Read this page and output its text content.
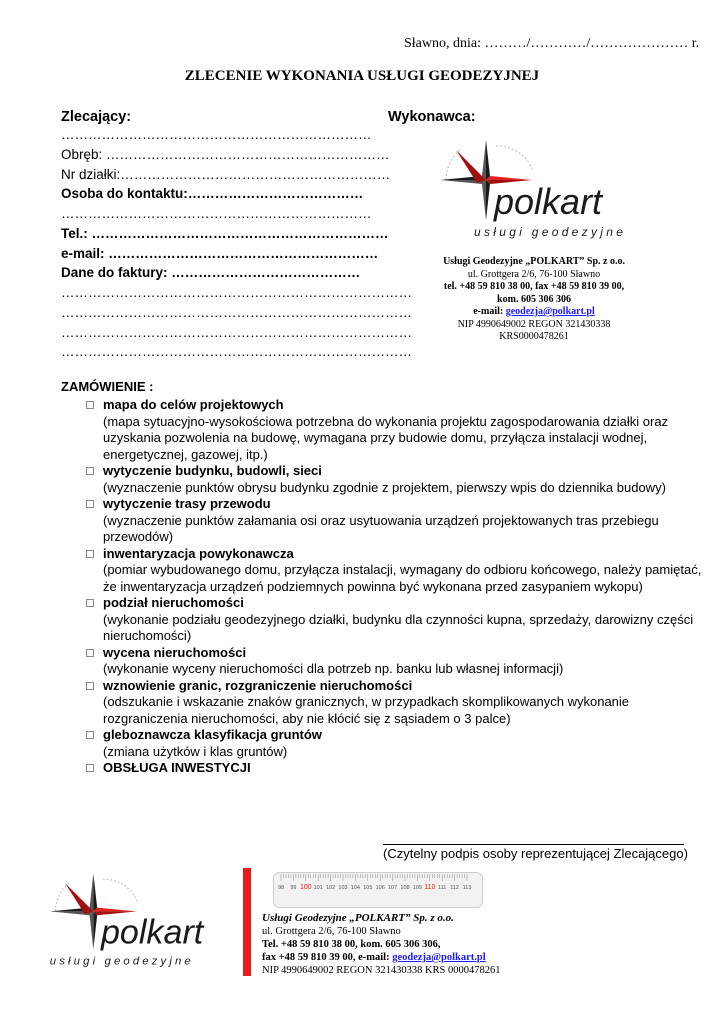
Sławno, dnia: ………/…………/………………… r.
ZLECENIE WYKONANIA USŁUGI GEODEZYJNEJ
Zlecający:
……………………………………………………………
Obręb: ………………………………………………………
Nr działki:……………………………………………………
Osoba do kontaktu:…………………………………
……………………………………………………………
Tel.: …………………………………………………………
e-mail: ……………………………………………………
Dane do faktury: ……………………………………
……………………………………………………………………
……………………………………………………………………
……………………………………………………………………
……………………………………………………………………
Wykonawca:
polkart
usługi geodezyjne
Usługi Geodezyjne „POLKART” Sp. z o.o.
ul. Grottgera 2/6, 76-100 Sławno
tel. +48 59 810 38 00, fax +48 59 810 39 00,
kom. 605 306 306
e-mail: geodezja@polkart.pl
NIP 4990649002 REGON 321430338
KRS0000478261
ZAMÓWIENIE :
mapa do celów projektowych
(mapa sytuacyjno-wysokościowa potrzebna do wykonania projektu zagospodarowania działki oraz uzyskania pozwolenia na budowę, wymagana przy budowie domu, przyłącza instalacji wodnej, energetycznej, gazowej, itp.)
wytyczenie budynku, budowli, sieci
(wyznaczenie punktów obrysu budynku zgodnie z projektem, pierwszy wpis do dziennika budowy)
wytyczenie trasy przewodu
(wyznaczenie punktów załamania osi oraz usytuowania urządzeń projektowanych tras przebiegu przewodów)
inwentaryzacja powykonawcza
(pomiar wybudowanego domu, przyłącza instalacji, wymagany do odbioru końcowego, należy pamiętać, że inwentaryzacja urządzeń podziemnych powinna być wykonana przed zasypaniem wykopu)
podział nieruchomości
(wykonanie podziału geodezyjnego działki, budynku dla czynności kupna, sprzedaży, darowizny części nieruchomości)
wycena nieruchomości
(wykonanie wyceny nieruchomości dla potrzeb np. banku lub własnej informacji)
wznowienie granic, rozgraniczenie nieruchomości
(odszukanie i wskazanie znaków granicznych, w przypadkach skomplikowanych wykonanie rozgraniczenia nieruchomości, aby nie kłócić się z sąsiadem o 3 palce)
gleboznawcza klasyfikacja gruntów
(zmiana użytków i klas gruntów)
OBSŁUGA INWESTYCJI
(Czytelny podpis osoby reprezentującej Zlecającego)
polkart
usługi geodezyjne
98 99 100 101 102 103 104 105 106 107 108 109 110 111 112 113
Usługi Geodezyjne „POLKART” Sp. z o.o.
ul. Grottgera 2/6, 76-100 Sławno
Tel. +48 59 810 38 00, kom. 605 306 306,
fax +48 59 810 39 00, e-mail: geodezja@polkart.pl
NIP 4990649002 REGON 321430338 KRS 0000478261
